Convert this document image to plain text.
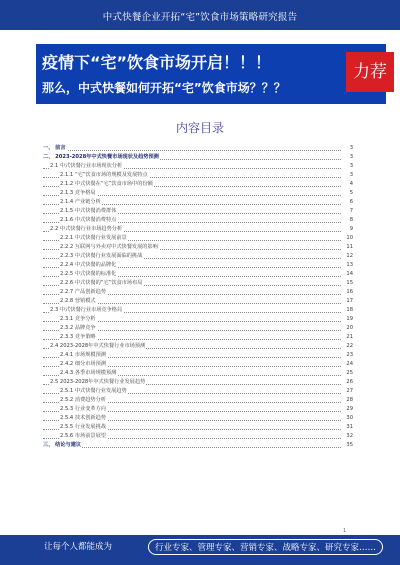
中式快餐企业开拓“宅”饮食市场策略研究报告
疫情下“宅”饮食市场开启！！！
那么，中式快餐如何开拓“宅”饮食市场？？？
力荐
内容目录
一、 前言	3
二、 2023-2028年中式快餐市场现状及趋势预测	3
2.1 中式快餐行业市场现状分析	3
2.1.1 “宅”饮食市场的规模及发展特点	3
2.1.2 中式快餐在“宅”饮食市场中的份额	4
2.1.3 竞争格局	5
2.1.4 产业链分析	6
2.1.5 中式快餐消费群体	7
2.1.6 中式快餐消费特点	8
2.2 中式快餐行业市场趋势分析	9
2.2.1 中式快餐行业发展前景	10
2.2.2 互联网与外卖对中式快餐发展的影响	11
2.2.3 中式快餐行业发展面临的挑战	12
2.2.4 中式快餐的品牌化	13
2.2.5 中式快餐的标准化	14
2.2.6 中式快餐的“宅”饮食市场布局	15
2.2.7 产品创新趋势	16
2.2.8 营销模式	17
2.3 中式快餐行业市场竞争格局	18
2.3.1 竞争分析	19
2.3.2 品牌竞争	20
2.3.3 竞争策略	21
2.4 2023-2028年中式快餐行业市场预测	22
2.4.1 市场规模预测	23
2.4.2 细分市场预测	24
2.4.3 各季市场规模预测	25
2.5 2023-2028年中式快餐行业发展趋势	26
2.5.1 中式快餐行业发展趋势	27
2.5.2 消费趋势分析	28
2.5.3 行业变革方向	29
2.5.4 技术创新趋势	30
2.5.5 行业发展挑战	31
2.5.6 市场前景展望	32
三、 结论与建议	35
1
让每个人都能成为	行业专家、管理专家、营销专家、战略专家、研究专家……
